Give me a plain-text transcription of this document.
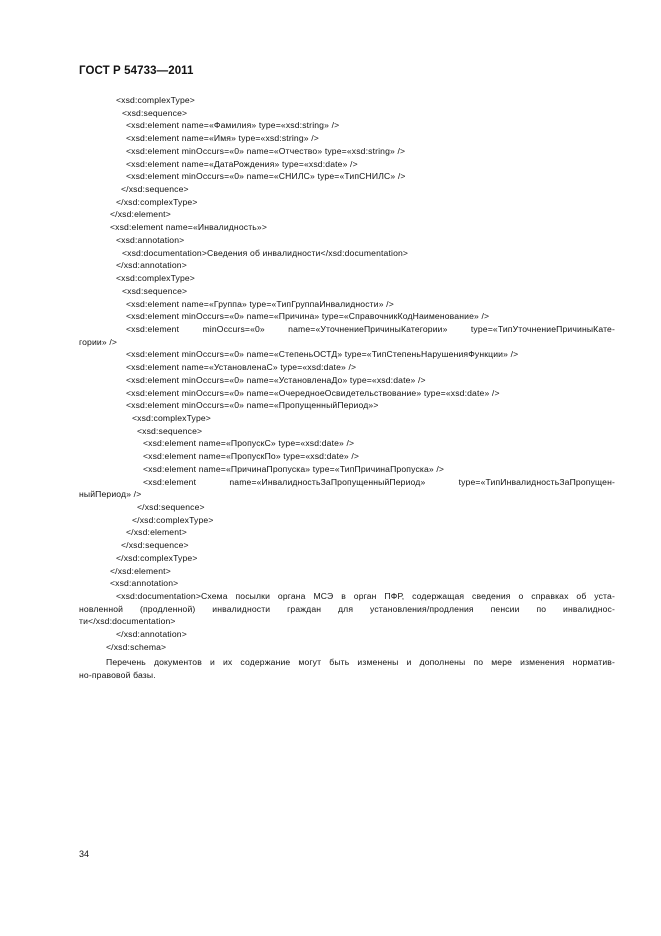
ГОСТ Р 54733—2011
<xsd:complexType>
<xsd:sequence>
<xsd:element name=«Фамилия» type=«xsd:string» />
<xsd:element name=«Имя» type=«xsd:string» />
<xsd:element minOccurs=«0» name=«Отчество» type=«xsd:string» />
<xsd:element name=«ДатаРождения» type=«xsd:date» />
<xsd:element minOccurs=«0» name=«СНИЛС» type=«ТипСНИЛС» />
</xsd:sequence>
</xsd:complexType>
</xsd:element>
<xsd:element name=«Инвалидность»>
<xsd:annotation>
<xsd:documentation>Сведения об инвалидности</xsd:documentation>
</xsd:annotation>
<xsd:complexType>
<xsd:sequence>
<xsd:element name=«Группа» type=«ТипГруппаИнвалидности» />
<xsd:element minOccurs=«0» name=«Причина» type=«СправочникКодНаименование» />
<xsd:element minOccurs=«0» name=«УточнениеПричиныКатегории» type=«ТипУточнениеПричиныКате-
гории» />
<xsd:element minOccurs=«0» name=«СтепеньОСТД» type=«ТипСтепеньНарушенияФункции» />
<xsd:element name=«УстановленаС» type=«xsd:date» />
<xsd:element minOccurs=«0» name=«УстановленаДо» type=«xsd:date» />
<xsd:element minOccurs=«0» name=«ОчередноеОсвидетельствование» type=«xsd:date» />
<xsd:element minOccurs=«0» name=«ПропущенныйПериод»>
<xsd:complexType>
<xsd:sequence>
<xsd:element name=«ПропускС» type=«xsd:date» />
<xsd:element name=«ПропускПо» type=«xsd:date» />
<xsd:element name=«ПричинаПропуска» type=«ТипПричинаПропуска» />
<xsd:element name=«ИнвалидностьЗаПропущенныйПериод» type=«ТипИнвалидностьЗаПропущен-
ныйПериод» />
</xsd:sequence>
</xsd:complexType>
</xsd:element>
</xsd:sequence>
</xsd:complexType>
</xsd:element>
<xsd:annotation>
<xsd:documentation>Схема посылки органа МСЭ в орган ПФР, содержащая сведения о справках об уста-
новленной (продленной) инвалидности граждан для установления/продления пенсии по инвалиднос-
ти</xsd:documentation>
</xsd:annotation>
</xsd:schema>
Перечень документов и их содержание могут быть изменены и дополнены по мере изменения норматив-
но-правовой базы.
34
